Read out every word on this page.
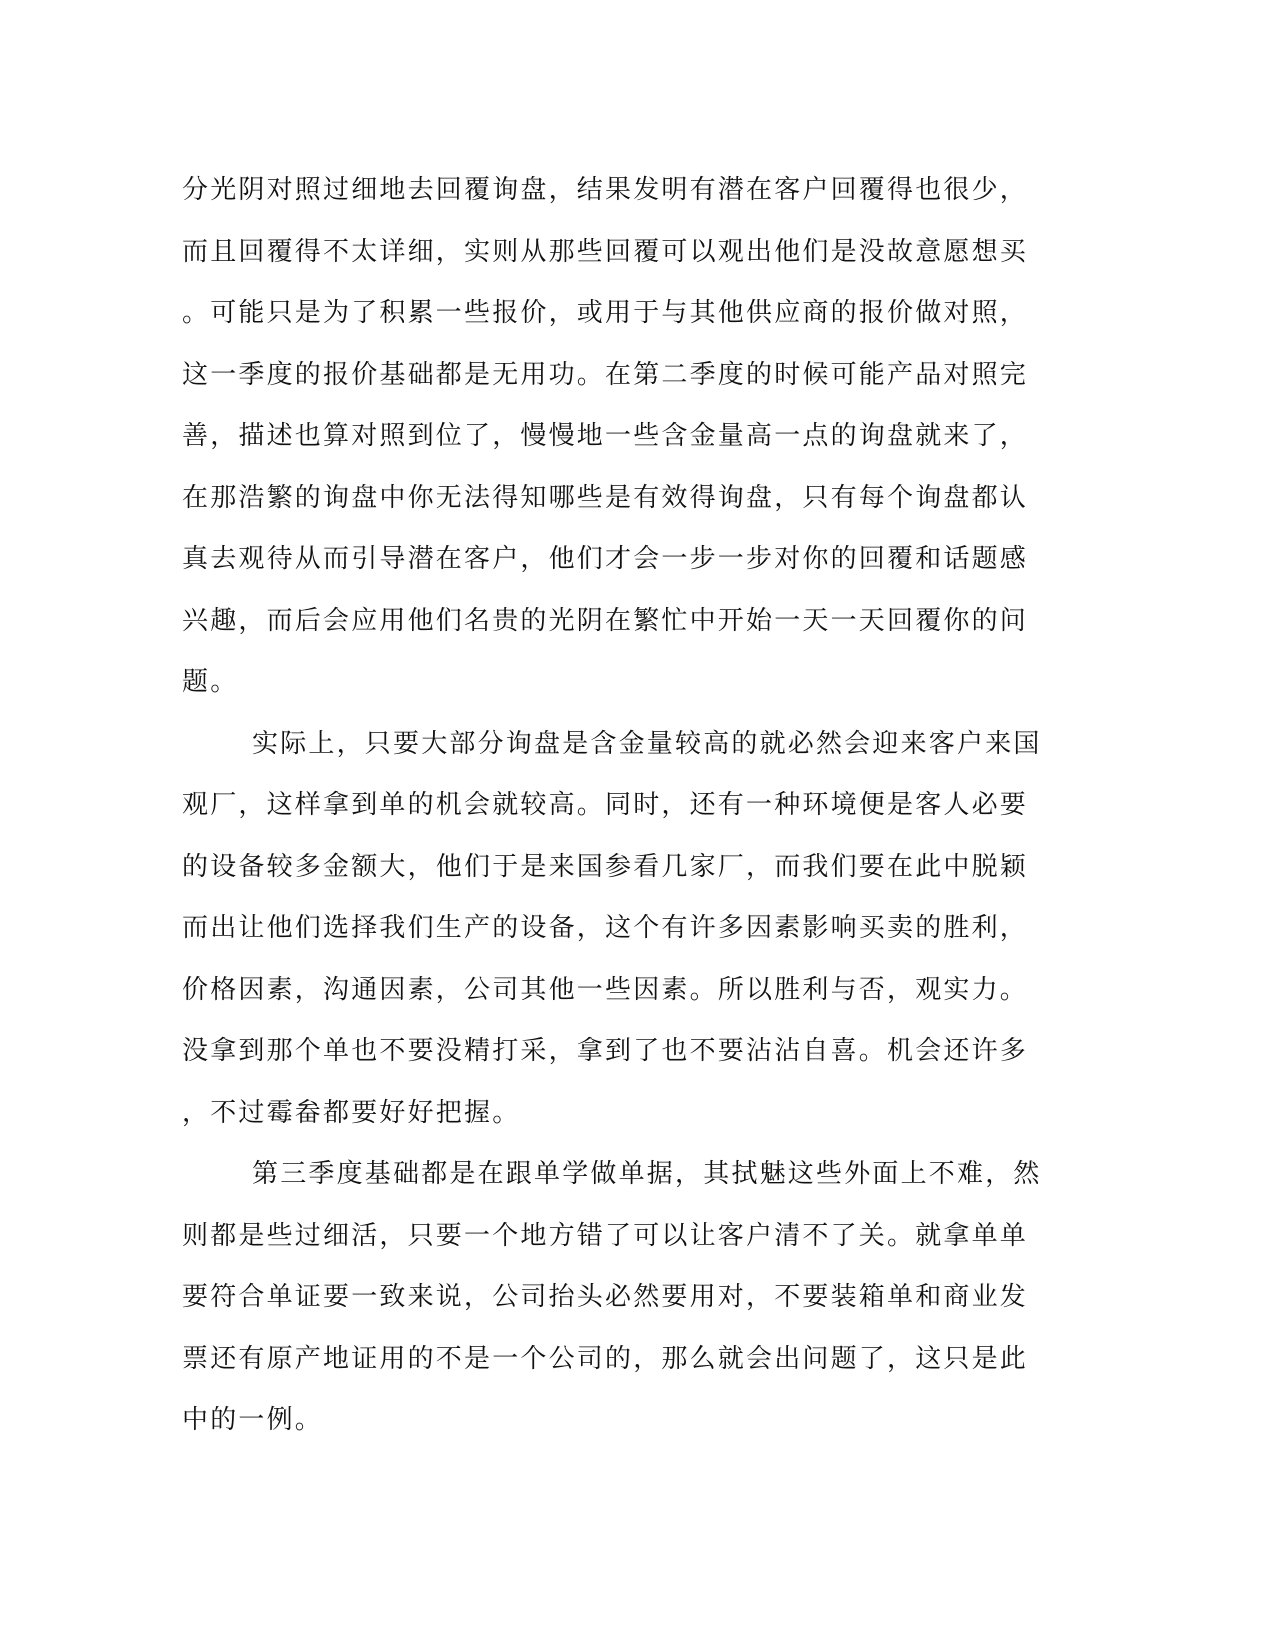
分光阴对照过细地去回覆询盘，结果发明有潜在客户回覆得也很少，
而且回覆得不太详细，实则从那些回覆可以观出他们是没故意愿想买
。可能只是为了积累一些报价，或用于与其他供应商的报价做对照，
这一季度的报价基础都是无用功。在第二季度的时候可能产品对照完
善，描述也算对照到位了，慢慢地一些含金量高一点的询盘就来了，
在那浩繁的询盘中你无法得知哪些是有效得询盘，只有每个询盘都认
真去观待从而引导潜在客户，他们才会一步一步对你的回覆和话题感
兴趣，而后会应用他们名贵的光阴在繁忙中开始一天一天回覆你的问
题。
实际上，只要大部分询盘是含金量较高的就必然会迎来客户来国
观厂，这样拿到单的机会就较高。同时，还有一种环境便是客人必要
的设备较多金额大，他们于是来国参看几家厂，而我们要在此中脱颖
而出让他们选择我们生产的设备，这个有许多因素影响买卖的胜利，
价格因素，沟通因素，公司其他一些因素。所以胜利与否，观实力。
没拿到那个单也不要没精打采，拿到了也不要沾沾自喜。机会还许多
，不过霉畚都要好好把握。
第三季度基础都是在跟单学做单据，其拭魅这些外面上不难，然
则都是些过细活，只要一个地方错了可以让客户清不了关。就拿单单
要符合单证要一致来说，公司抬头必然要用对，不要装箱单和商业发
票还有原产地证用的不是一个公司的，那么就会出问题了，这只是此
中的一例。
